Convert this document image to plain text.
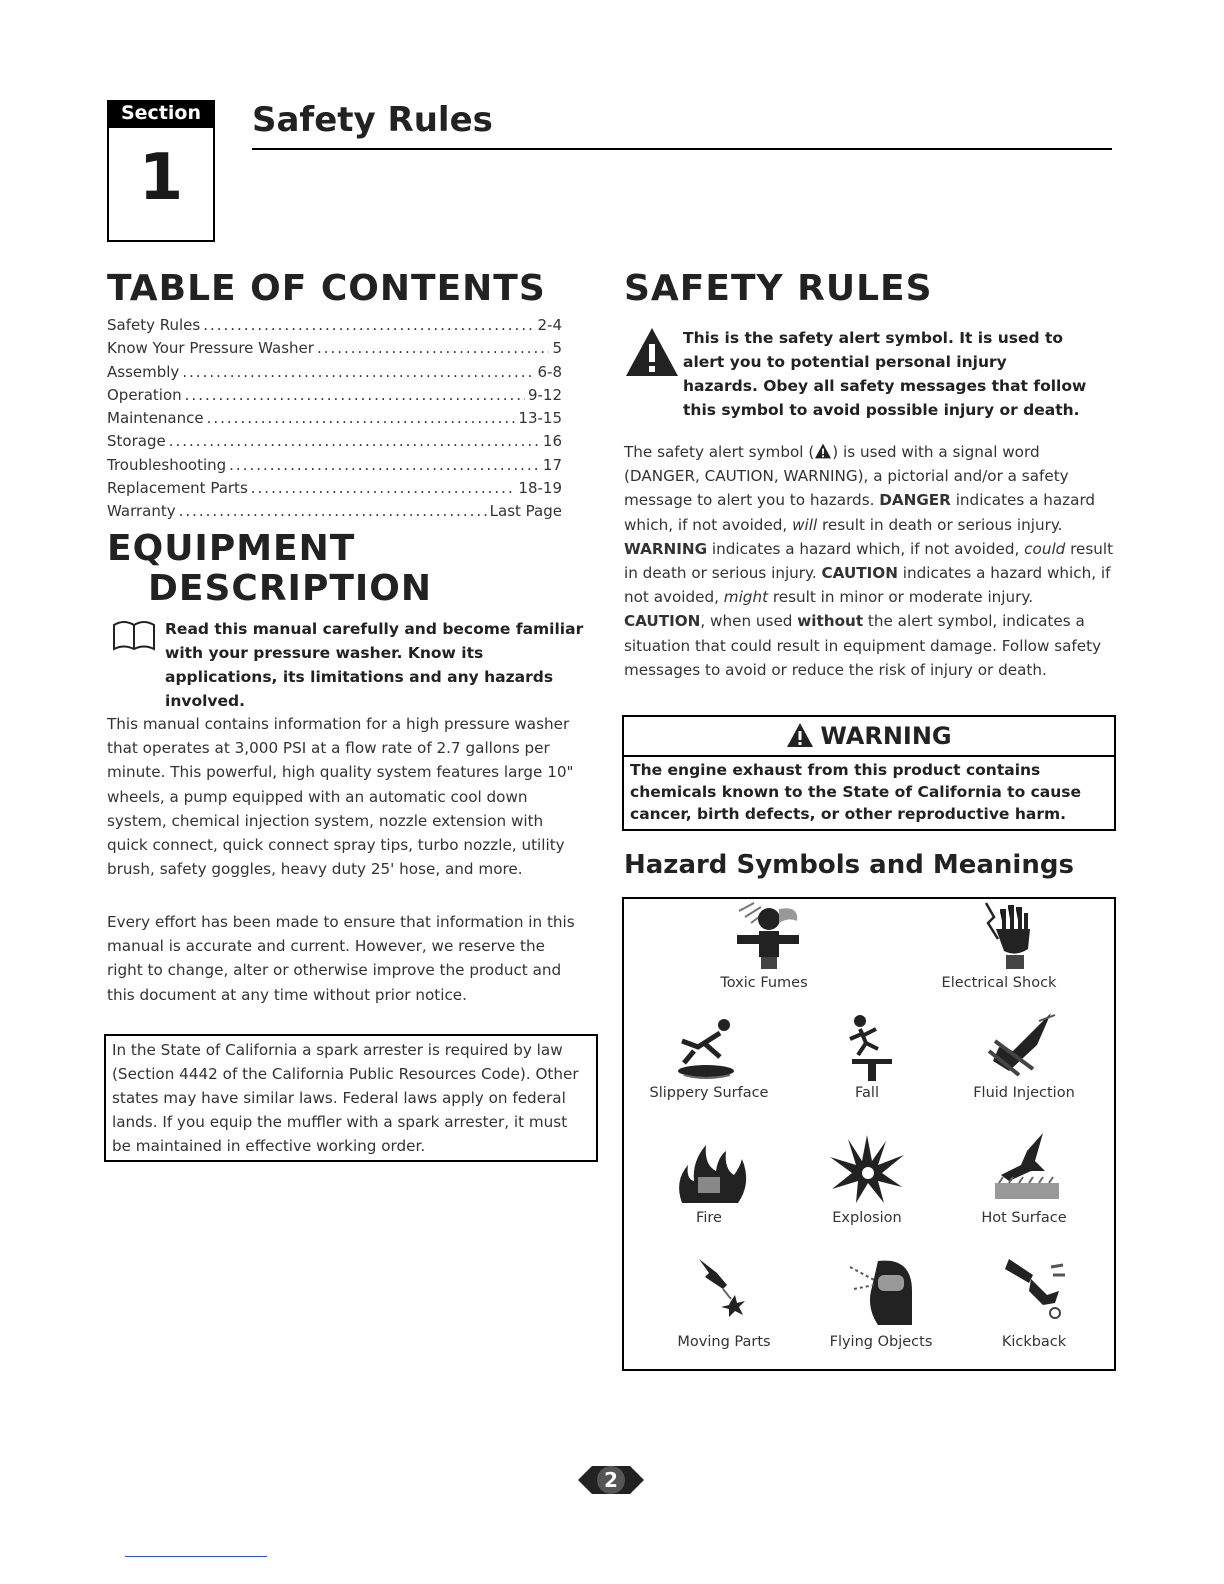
Section
1
Safety Rules
TABLE OF CONTENTS
Safety Rules .....	2-4
Know Your Pressure Washer .....	5
Assembly .....	6-8
Operation .....	9-12
Maintenance .....	13-15
Storage .....	16
Troubleshooting .....	17
Replacement Parts .....	18-19
Warranty .....	Last Page
EQUIPMENT
DESCRIPTION
Read this manual carefully and become familiar with your pressure washer. Know its applications, its limitations and any hazards involved.

This manual contains information for a high pressure washer that operates at 3,000 PSI at a flow rate of 2.7 gallons per minute. This powerful, high quality system features large 10" wheels, a pump equipped with an automatic cool down system, chemical injection system, nozzle extension with quick connect, quick connect spray tips, turbo nozzle, utility brush, safety goggles, heavy duty 25' hose, and more.

Every effort has been made to ensure that information in this manual is accurate and current. However, we reserve the right to change, alter or otherwise improve the product and this document at any time without prior notice.

In the State of California a spark arrester is required by law (Section 4442 of the California Public Resources Code). Other states may have similar laws. Federal laws apply on federal lands. If you equip the muffler with a spark arrester, it must be maintained in effective working order.
SAFETY RULES
This is the safety alert symbol. It is used to
alert you to potential personal injury
hazards. Obey all safety messages that follow
this symbol to avoid possible injury or death.

The safety alert symbol ( ) is used with a signal word (DANGER, CAUTION, WARNING), a pictorial and/or a safety message to alert you to hazards. DANGER indicates a hazard which, if not avoided, will result in death or serious injury. WARNING indicates a hazard which, if not avoided, could result in death or serious injury. CAUTION indicates a hazard which, if not avoided, might result in minor or moderate injury. CAUTION, when used without the alert symbol, indicates a situation that could result in equipment damage. Follow safety messages to avoid or reduce the risk of injury or death.

WARNING
The engine exhaust from this product contains chemicals known to the State of California to cause cancer, birth defects, or other reproductive harm.
Hazard Symbols and Meanings
Toxic Fumes	Electrical Shock
Slippery Surface	Fall	Fluid Injection
Fire	Explosion	Hot Surface
Moving Parts	Flying Objects	Kickback
2
